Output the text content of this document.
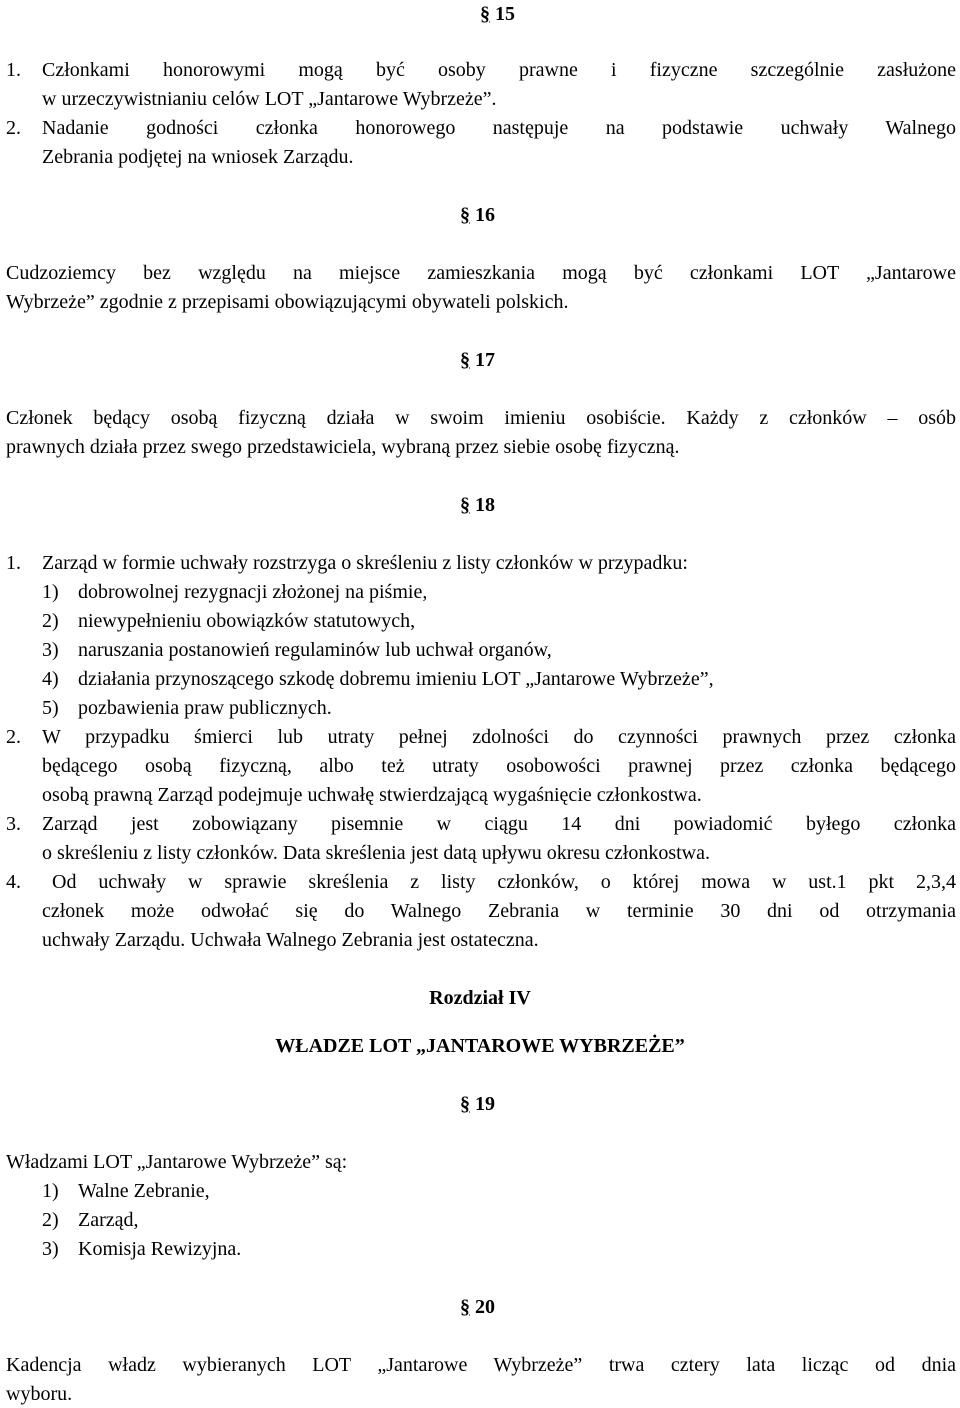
§ 15
1. Członkami honorowymi mogą być osoby prawne i fizyczne szczególnie zasłużone
w urzeczywistnianiu celów LOT „Jantarowe Wybrzeże”.
2. Nadanie godności członka honorowego następuje na podstawie uchwały Walnego
Zebrania podjętej na wniosek Zarządu.
§ 16
Cudzoziemcy bez względu na miejsce zamieszkania mogą być członkami LOT „Jantarowe
Wybrzeże” zgodnie z przepisami obowiązującymi obywateli polskich.
§ 17
Członek będący osobą fizyczną działa w swoim imieniu osobiście. Każdy z członków – osób
prawnych działa przez swego przedstawiciela, wybraną przez siebie osobę fizyczną.
§ 18
1. Zarząd w formie uchwały rozstrzyga o skreśleniu z listy członków w przypadku:
1) dobrowolnej rezygnacji złożonej na piśmie,
2) niewypełnieniu obowiązków statutowych,
3) naruszania postanowień regulaminów lub uchwał organów,
4) działania przynoszącego szkodę dobremu imieniu LOT „Jantarowe Wybrzeże”,
5) pozbawienia praw publicznych.
2. W przypadku śmierci lub utraty pełnej zdolności do czynności prawnych przez członka
będącego osobą fizyczną, albo też utraty osobowości prawnej przez członka będącego
osobą prawną Zarząd podejmuje uchwałę stwierdzającą wygaśnięcie członkostwa.
3. Zarząd jest zobowiązany pisemnie w ciągu 14 dni powiadomić byłego członka
o skreśleniu z listy członków. Data skreślenia jest datą upływu okresu członkostwa.
4. Od uchwały w sprawie skreślenia z listy członków, o której mowa w ust.1 pkt 2,3,4
członek może odwołać się do Walnego Zebrania w terminie 30 dni od otrzymania
uchwały Zarządu. Uchwała Walnego Zebrania jest ostateczna.
Rozdział IV
WŁADZE LOT „JANTAROWE WYBRZEŻE”
§ 19
Władzami LOT „Jantarowe Wybrzeże” są:
1) Walne Zebranie,
2) Zarząd,
3) Komisja Rewizyjna.
§ 20
Kadencja władz wybieranych LOT „Jantarowe Wybrzeże” trwa cztery lata licząc od dnia
wyboru.
